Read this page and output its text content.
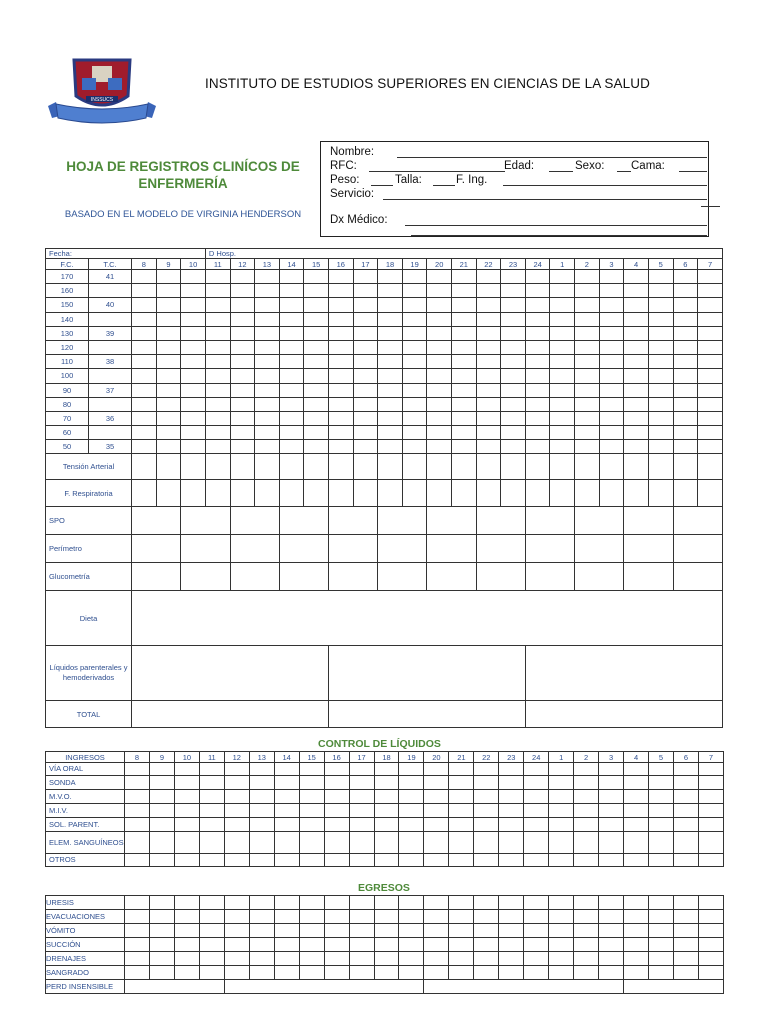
INSSUCS
INSTITUTO DE ESTUDIOS SUPERIORES EN CIENCIAS DE LA SALUD
HOJA DE REGISTROS CLINÍCOS DE
ENFERMERÍA
BASADO EN EL MODELO DE VIRGINIA HENDERSON
Nombre:
RFC:	Edad:	Sexo: Cama:
Peso:	Talla:	F. Ing.
Servicio:
Dx Médico:
Fecha:					D Hosp.																				
F.C.	T.C.	8	9	10	11	12	13	14	15	16	17	18	19	20	21	22	23	24	1	2	3	4	5	6	7
170	41																								
160																									
150	40																								
140																									
130	39																								
120																									
110	38																								
100																									
90	37																								
80																									
70	36																								
60																									
50	35																								
Tensión Arterial																									
F. Respiratoria																									
SPO																									
Perímetro																									
Glucometría																									
Dieta																									
Líquidos parenterales y hemoderivados																									
TOTAL																									
CONTROL DE LÍQUIDOS
INGRESOS	8	9	10	11	12	13	14	15	16	17	18	19	20	21	22	23	24	1	2	3	4	5	6	7
VÍA ORAL																								
SONDA																								
M.V.O.																								
M.I.V.																								
SOL. PARENT.																								
ELEM. SANGUÍNEOS																								
OTROS																								
EGRESOS
URESIS																								
EVACUACIONES																								
VÓMITO																								
SUCCIÓN																								
DRENAJES																								
SANGRADO																								
PERD INSENSIBLE																								
